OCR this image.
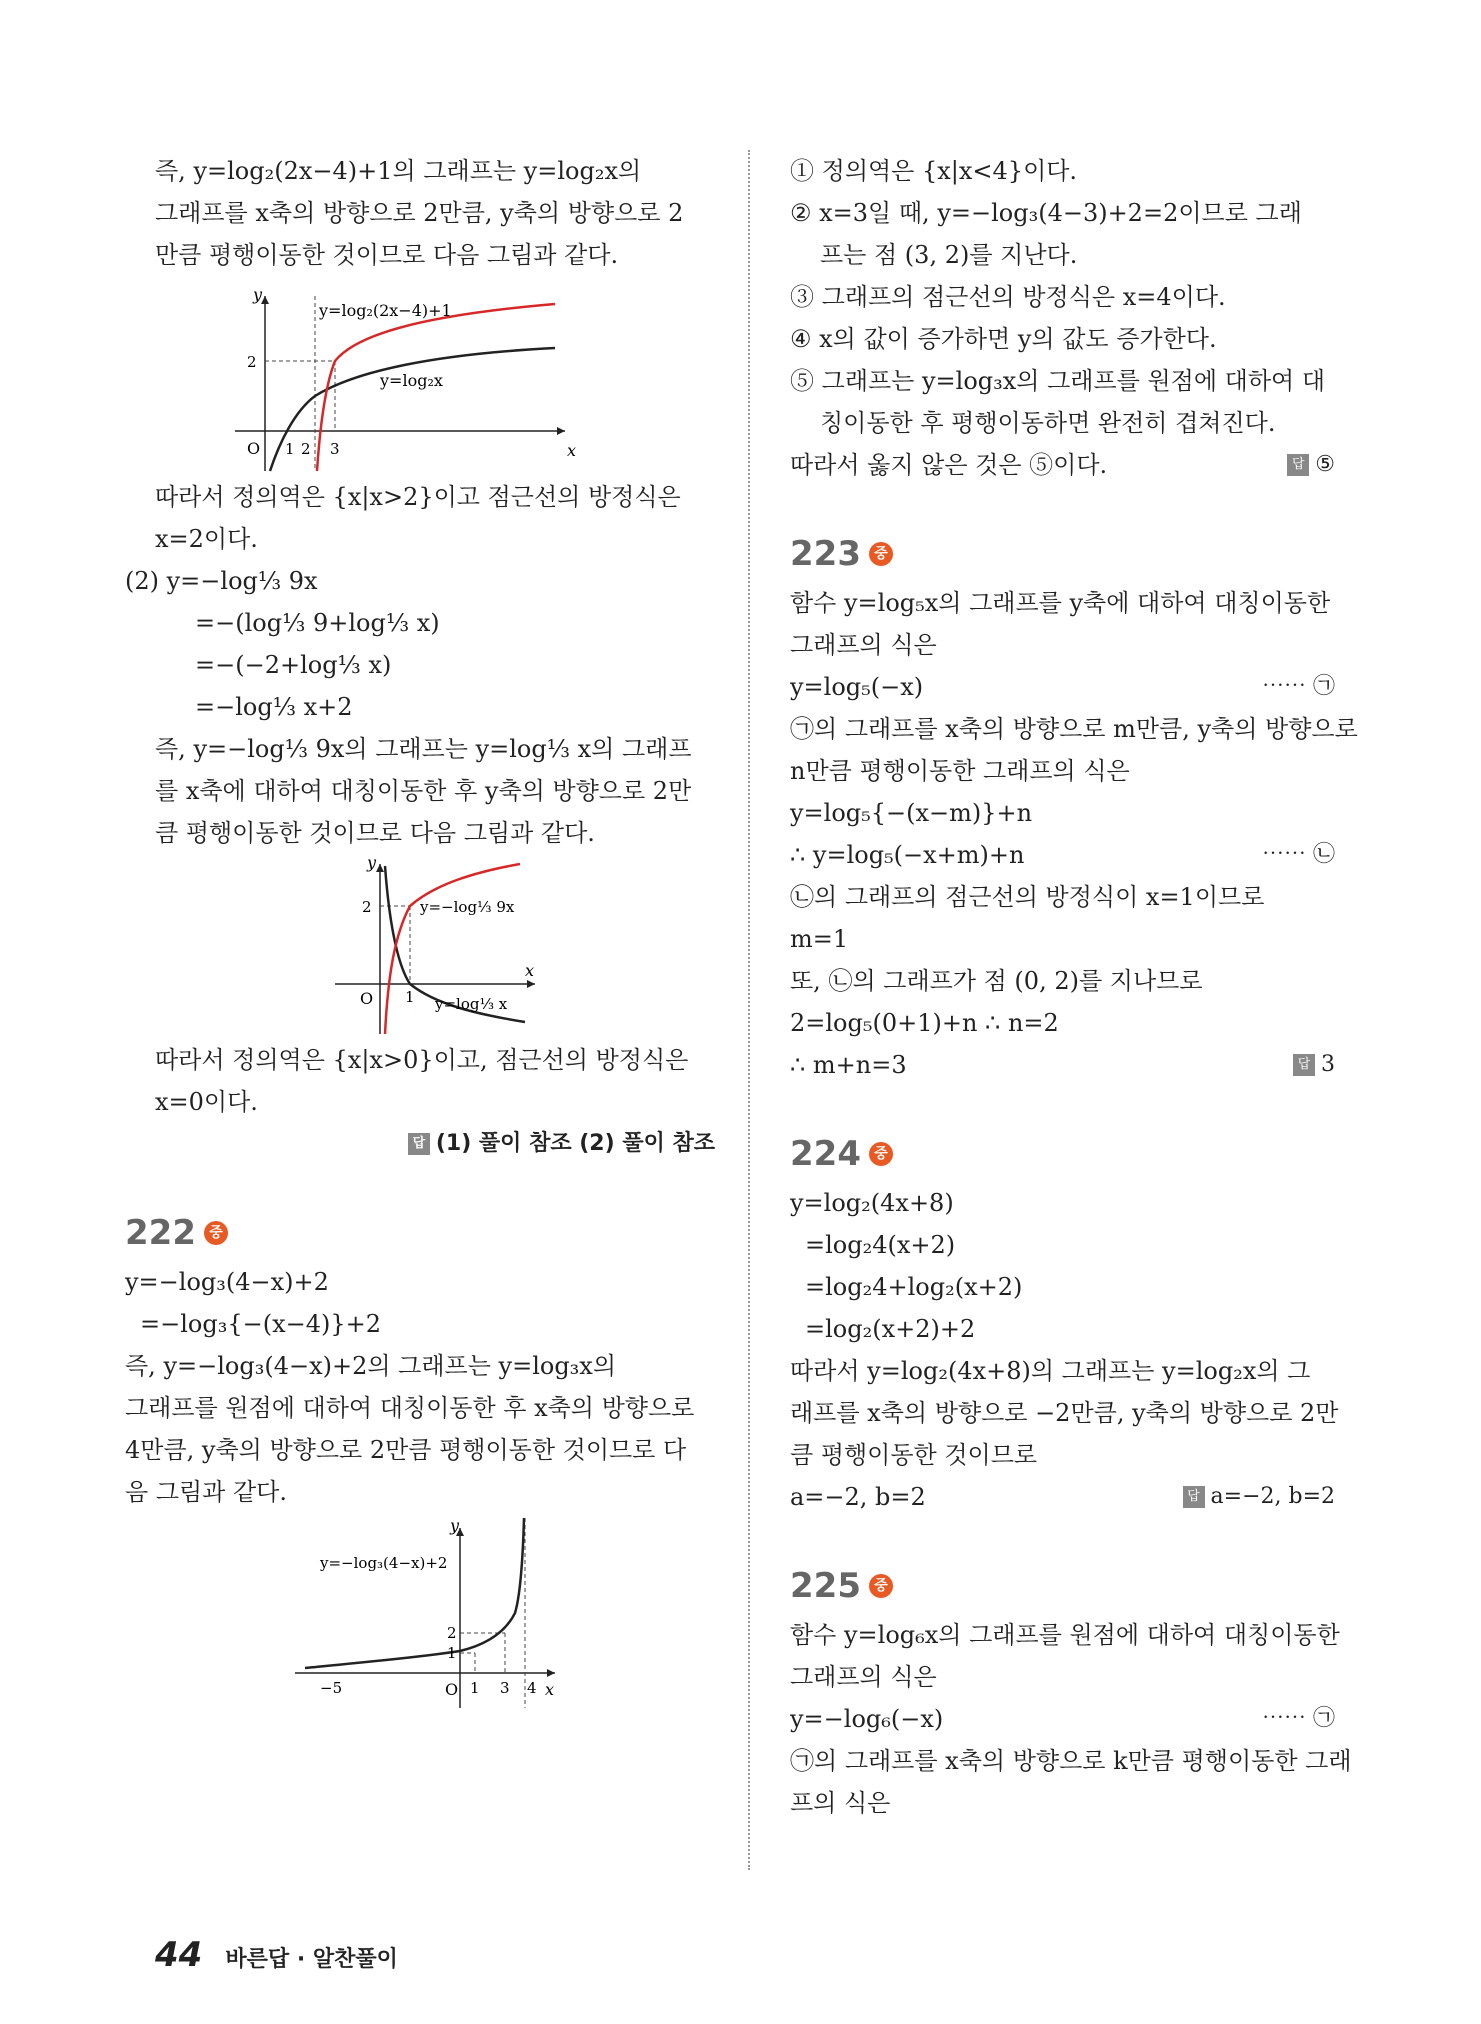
즉, y=log₂(2x−4)+1의 그래프는 y=log₂x의
그래프를 x축의 방향으로 2만큼, y축의 방향으로 2
만큼 평행이동한 것이므로 다음 그림과 같다.
y
x
O 1 2 3
2
y=log₂(2x−4)+1
y=log₂x
따라서 정의역은 {x|x>2}이고 점근선의 방정식은
x=2이다.
(2) y=−log⅓ 9x
=−(log⅓ 9+log⅓ x)
=−(−2+log⅓ x)
=−log⅓ x+2
즉, y=−log⅓ 9x의 그래프는 y=log⅓ x의 그래프
를 x축에 대하여 대칭이동한 후 y축의 방향으로 2만
큼 평행이동한 것이므로 다음 그림과 같다.
y
x
O 1
2	y=−log⅓ 9x
y=log⅓ x
따라서 정의역은 {x|x>0}이고, 점근선의 방정식은
x=0이다.
답 (1) 풀이 참조 (2) 풀이 참조
222 중
y=−log₃(4−x)+2
=−log₃{−(x−4)}+2
즉, y=−log₃(4−x)+2의 그래프는 y=log₃x의
그래프를 원점에 대하여 대칭이동한 후 x축의 방향으로
4만큼, y축의 방향으로 2만큼 평행이동한 것이므로 다
음 그림과 같다.
y
x
O
−5	1 3 4
2
1
y=−log₃(4−x)+2
① 정의역은 {x|x<4}이다.
② x=3일 때, y=−log₃(4−3)+2=2이므로 그래
프는 점 (3, 2)를 지난다.
③ 그래프의 점근선의 방정식은 x=4이다.
④ x의 값이 증가하면 y의 값도 증가한다.
⑤ 그래프는 y=log₃x의 그래프를 원점에 대하여 대
칭이동한 후 평행이동하면 완전히 겹쳐진다.
따라서 옳지 않은 것은 ⑤이다.	답 ⑤
223 중
함수 y=log₅x의 그래프를 y축에 대하여 대칭이동한
그래프의 식은
y=log₅(−x)	⋯⋯ ㉠
㉠의 그래프를 x축의 방향으로 m만큼, y축의 방향으로
n만큼 평행이동한 그래프의 식은
y=log₅{−(x−m)}+n
∴ y=log₅(−x+m)+n	⋯⋯ ㉡
㉡의 그래프의 점근선의 방정식이 x=1이므로
m=1
또, ㉡의 그래프가 점 (0, 2)를 지나므로
2=log₅(0+1)+n ∴ n=2
∴ m+n=3	답 3
224 중
y=log₂(4x+8)
=log₂4(x+2)
=log₂4+log₂(x+2)
=log₂(x+2)+2
따라서 y=log₂(4x+8)의 그래프는 y=log₂x의 그
래프를 x축의 방향으로 −2만큼, y축의 방향으로 2만
큼 평행이동한 것이므로
a=−2, b=2	답 a=−2, b=2
225 중
함수 y=log₆x의 그래프를 원점에 대하여 대칭이동한
그래프의 식은
y=−log₆(−x)	⋯⋯ ㉠
㉠의 그래프를 x축의 방향으로 k만큼 평행이동한 그래
프의 식은
44 바른답 · 알찬풀이
